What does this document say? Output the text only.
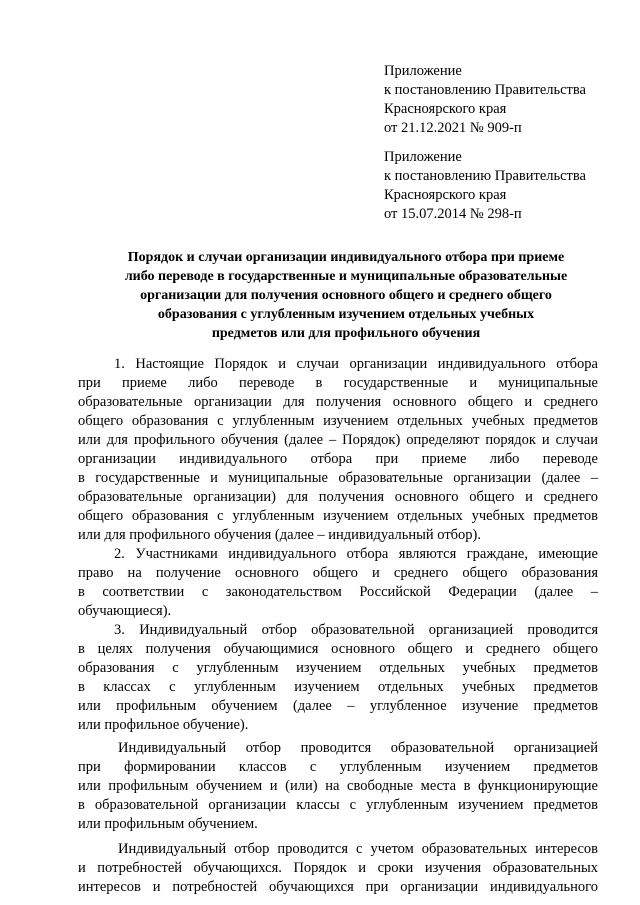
Приложение
к постановлению Правительства
Красноярского края
от 21.12.2021 № 909-п
Приложение
к постановлению Правительства
Красноярского края
от 15.07.2014 № 298-п
Порядок и случаи организации индивидуального отбора при приеме
либо переводе в государственные и муниципальные образовательные
организации для получения основного общего и среднего общего
образования с углубленным изучением отдельных учебных
предметов или для профильного обучения
1. Настоящие Порядок и случаи организации индивидуального отбора
при приеме либо переводе в государственные и муниципальные
образовательные организации для получения основного общего и среднего
общего образования с углубленным изучением отдельных учебных предметов
или для профильного обучения (далее – Порядок) определяют порядок и случаи
организации индивидуального отбора при приеме либо переводе
в государственные и муниципальные образовательные организации (далее –
образовательные организации) для получения основного общего и среднего
общего образования с углубленным изучением отдельных учебных предметов
или для профильного обучения (далее – индивидуальный отбор).
2. Участниками индивидуального отбора являются граждане, имеющие
право на получение основного общего и среднего общего образования
в соответствии с законодательством Российской Федерации (далее –
обучающиеся).
3. Индивидуальный отбор образовательной организацией проводится
в целях получения обучающимися основного общего и среднего общего
образования с углубленным изучением отдельных учебных предметов
в классах с углубленным изучением отдельных учебных предметов
или профильным обучением (далее – углубленное изучение предметов
или профильное обучение).
Индивидуальный отбор проводится образовательной организацией
при формировании классов с углубленным изучением предметов
или профильным обучением и (или) на свободные места в функционирующие
в образовательной организации классы с углубленным изучением предметов
или профильным обучением.
Индивидуальный отбор проводится с учетом образовательных интересов
и потребностей обучающихся. Порядок и сроки изучения образовательных
интересов и потребностей обучающихся при организации индивидуального
